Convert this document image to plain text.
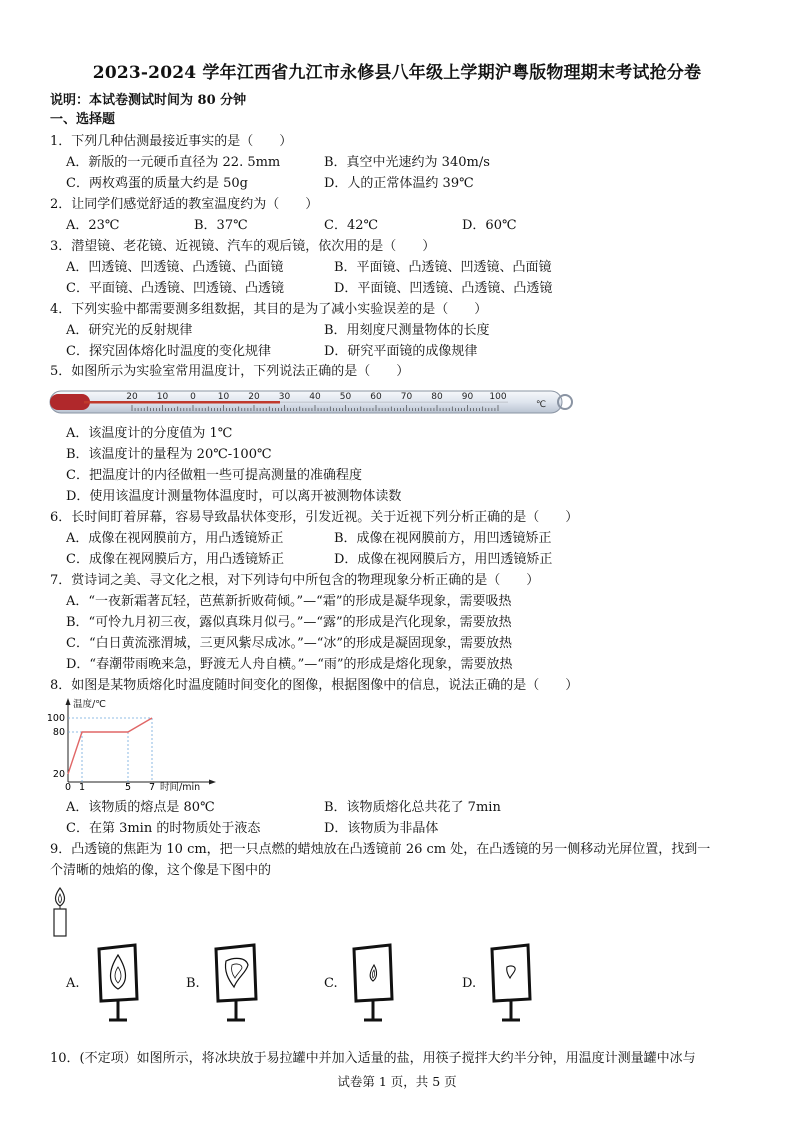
2023-2024 学年江西省九江市永修县八年级上学期沪粤版物理期末考试抢分卷
说明：本试卷测试时间为 80 分钟
一、选择题
1．下列几种估测最接近事实的是（　　）
A．新版的一元硬币直径为 22. 5mm	B．真空中光速约为 340m/s
C．两枚鸡蛋的质量大约是 50g	D．人的正常体温约 39℃
2．让同学们感觉舒适的教室温度约为（　　）
A．23℃	B．37℃	C．42℃	D．60℃
3．潜望镜、老花镜、近视镜、汽车的观后镜，依次用的是（　　）
A．凹透镜、凹透镜、凸透镜、凸面镜	B．平面镜、凸透镜、凹透镜、凸面镜
C．平面镜、凸透镜、凹透镜、凸透镜	D．平面镜、凹透镜、凸透镜、凸透镜
4．下列实验中都需要测多组数据，其目的是为了减小实验误差的是（　　）
A．研究光的反射规律	B．用刻度尺测量物体的长度
C．探究固体熔化时温度的变化规律	D．研究平面镜的成像规律
5．如图所示为实验室常用温度计，下列说法正确的是（　　）
20 10 0 10 20 30 40 50 60 70 80 90 100
℃
A．该温度计的分度值为 1℃
B．该温度计的量程为 20℃-100℃
C．把温度计的内径做粗一些可提高测量的准确程度
D．使用该温度计测量物体温度时，可以离开被测物体读数
6．长时间盯着屏幕，容易导致晶状体变形，引发近视。关于近视下列分析正确的是（　　）
A．成像在视网膜前方，用凸透镜矫正	B．成像在视网膜前方，用凹透镜矫正
C．成像在视网膜后方，用凸透镜矫正	D．成像在视网膜后方，用凹透镜矫正
7．赏诗词之美、寻文化之根，对下列诗句中所包含的物理现象分析正确的是（　　）
A．“一夜新霜著瓦轻，芭蕉新折败荷倾。”—“霜”的形成是凝华现象，需要吸热
B．“可怜九月初三夜，露似真珠月似弓。”—“露”的形成是汽化现象，需要放热
C．“白日黄流涨渭城，三更风紫尽成冰。”—“冰”的形成是凝固现象，需要放热
D．“春潮带雨晚来急，野渡无人舟自横。”—“雨”的形成是熔化现象，需要放热
8．如图是某物质熔化时温度随时间变化的图像，根据图像中的信息，说法正确的是（　　）
温度/℃
时间/min
100
80
20
0 1	5 7
A．该物质的熔点是 80℃	B．该物质熔化总共花了 7min
C．在第 3min 的时物质处于液态	D．该物质为非晶体
9．凸透镜的焦距为 10 cm，把一只点燃的蜡烛放在凸透镜前 26 cm 处，在凸透镜的另一侧移动光屏位置，找到一
个清晰的烛焰的像，这个像是下图中的
A.	B.	C.	D.
10．(不定项）如图所示，将冰块放于易拉罐中并加入适量的盐，用筷子搅拌大约半分钟，用温度计测量罐中冰与
试卷第 1 页，共 5 页
